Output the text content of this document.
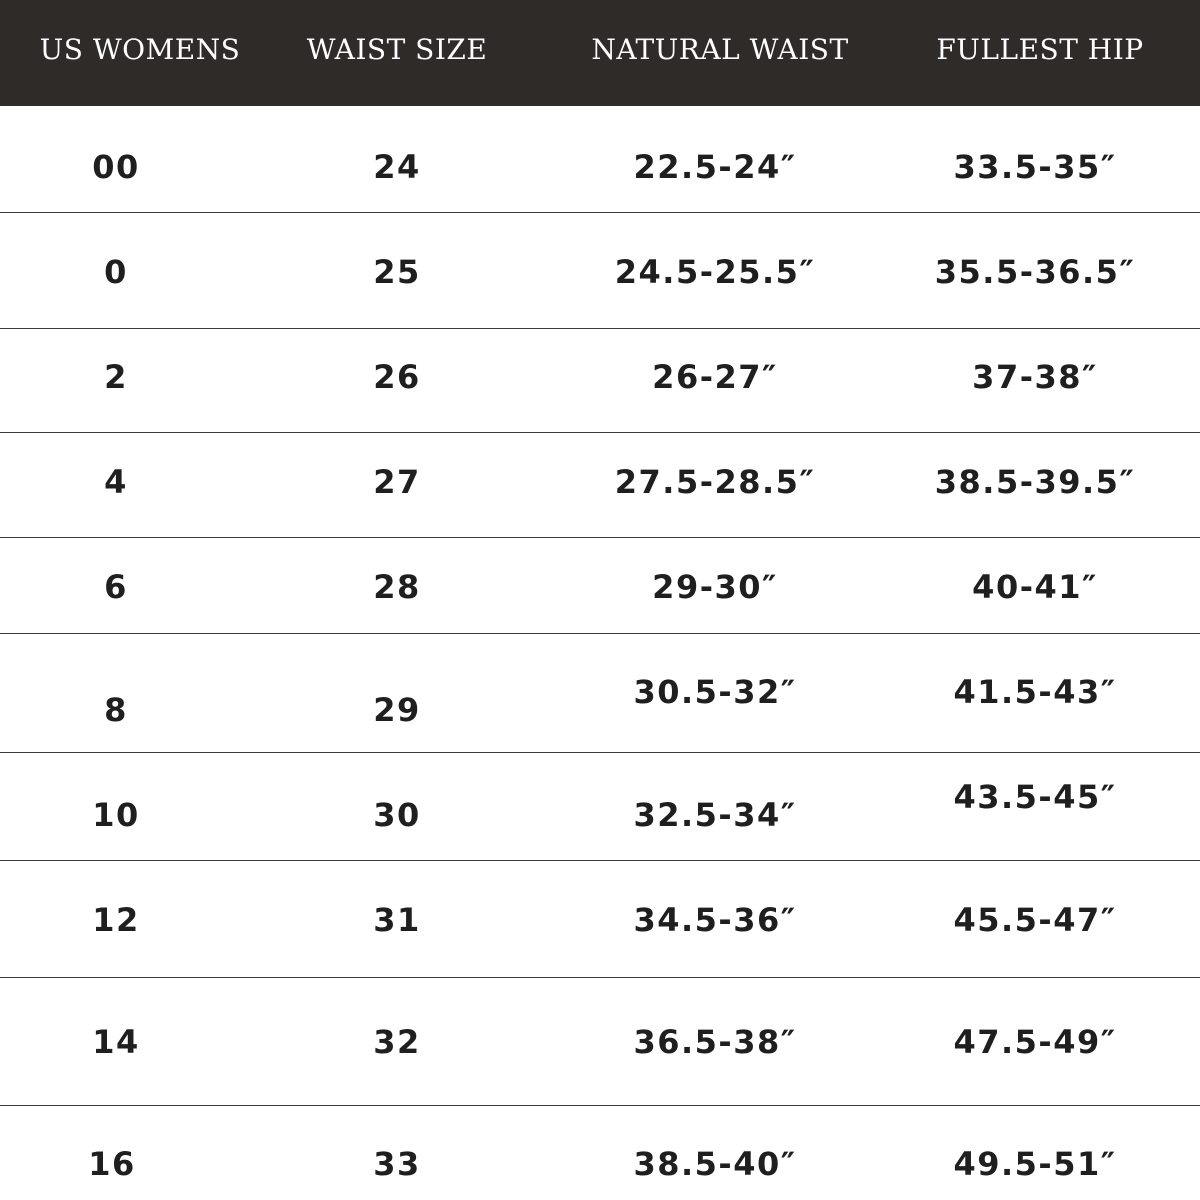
US WOMENS	WAIST SIZE	NATURAL WAIST	FULLEST HIP
00	24	22.5-24″	33.5-35″
0	25	24.5-25.5″	35.5-36.5″
2	26	26-27″	37-38″
4	27	27.5-28.5″	38.5-39.5″
6	28	29-30″	40-41″
8	29	30.5-32″	41.5-43″
10	30	32.5-34″	43.5-45″
12	31	34.5-36″	45.5-47″
14	32	36.5-38″	47.5-49″
16	33	38.5-40″	49.5-51″
